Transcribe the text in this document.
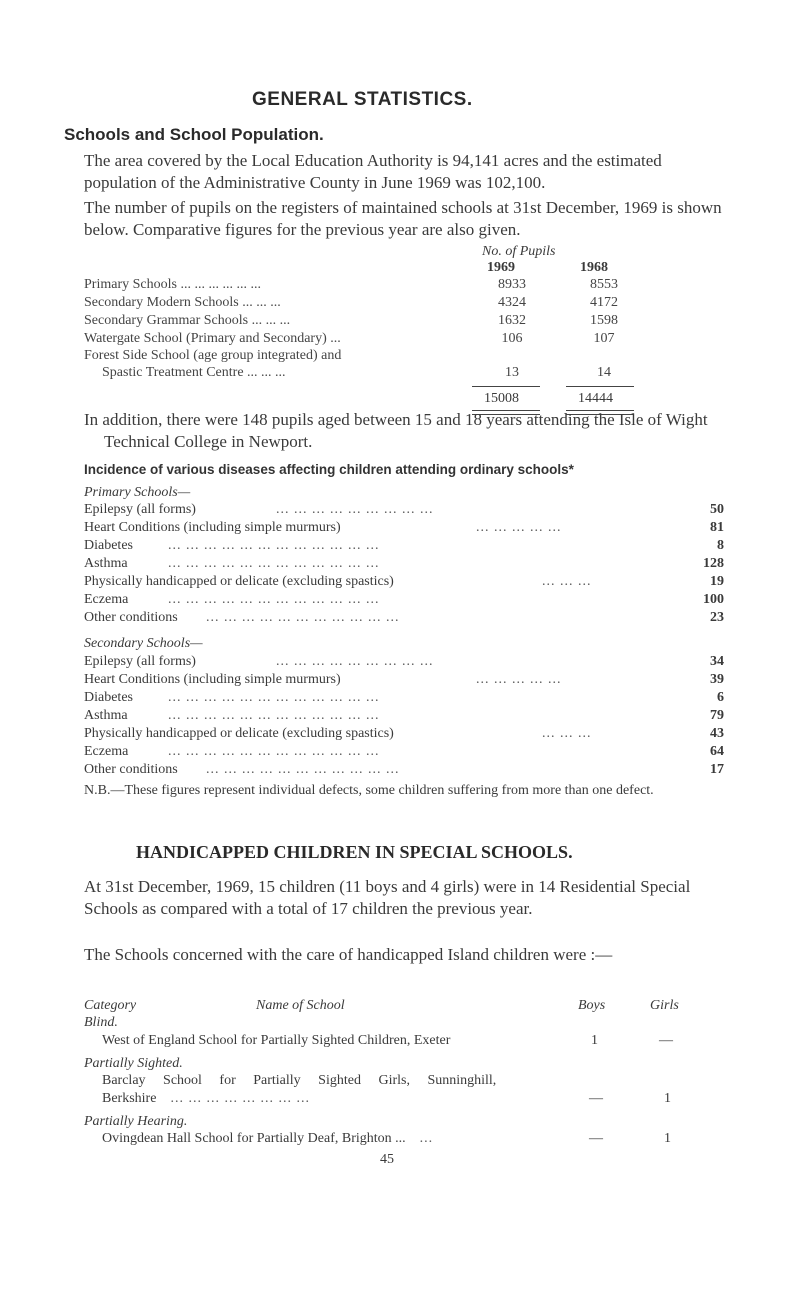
GENERAL STATISTICS.
Schools and School Population.
The area covered by the Local Education Authority is 94,141 acres and the estimated population of the Administrative County in June 1969 was 102,100.
The number of pupils on the registers of maintained schools at 31st December, 1969 is shown below. Comparative figures for the previous year are also given.
No. of Pupils
1969	1968
Primary Schools ... ... ... ... ... ...	8933	8553
Secondary Modern Schools ... ... ...	4324	4172
Secondary Grammar Schools ... ... ...	1632	1598
Watergate School (Primary and Secondary) ...	106	107
Forest Side School (age group integrated) and
Spastic Treatment Centre ... ... ...	13	14
15008	14444
In addition, there were 148 pupils aged between 15 and 18 years attending the Isle of Wight Technical College in Newport.
Incidence of various diseases affecting children attending ordinary schools*
Primary Schools—
Epilepsy (all forms)	... ... ... ... ... ... ... ... ...	50
Heart Conditions (including simple murmurs)	... ... ... ... ...	81
Diabetes	... ... ... ... ... ... ... ... ... ... ... ...	8
Asthma	... ... ... ... ... ... ... ... ... ... ... ...	128
Physically handicapped or delicate (excluding spastics)	... ... ...	19
Eczema	... ... ... ... ... ... ... ... ... ... ... ...	100
Other conditions ... ... ... ... ... ... ... ... ... ... ...	23
Secondary Schools—
Epilepsy (all forms)	... ... ... ... ... ... ... ... ...	34
Heart Conditions (including simple murmurs)	... ... ... ... ...	39
Diabetes	... ... ... ... ... ... ... ... ... ... ... ...	6
Asthma	... ... ... ... ... ... ... ... ... ... ... ...	79
Physically handicapped or delicate (excluding spastics)	... ... ...	43
Eczema	... ... ... ... ... ... ... ... ... ... ... ...	64
Other conditions ... ... ... ... ... ... ... ... ... ... ...	17
N.B.—These figures represent individual defects, some children suffering from more than one defect.
HANDICAPPED CHILDREN IN SPECIAL SCHOOLS.
At 31st December, 1969, 15 children (11 boys and 4 girls) were in 14 Residential Special Schools as compared with a total of 17 children the previous year.
The Schools concerned with the care of handicapped Island children were :—
Category	Name of School	Boys	Girls
Blind.
West of England School for Partially Sighted Children, Exeter	1	—
Partially Sighted.
Barclay School for Partially Sighted Girls, Sunninghill,
Berkshire ... ... ... ... ... ... ... ...	—	1
Partially Hearing.
Ovingdean Hall School for Partially Deaf, Brighton ... ...	—	1
45
